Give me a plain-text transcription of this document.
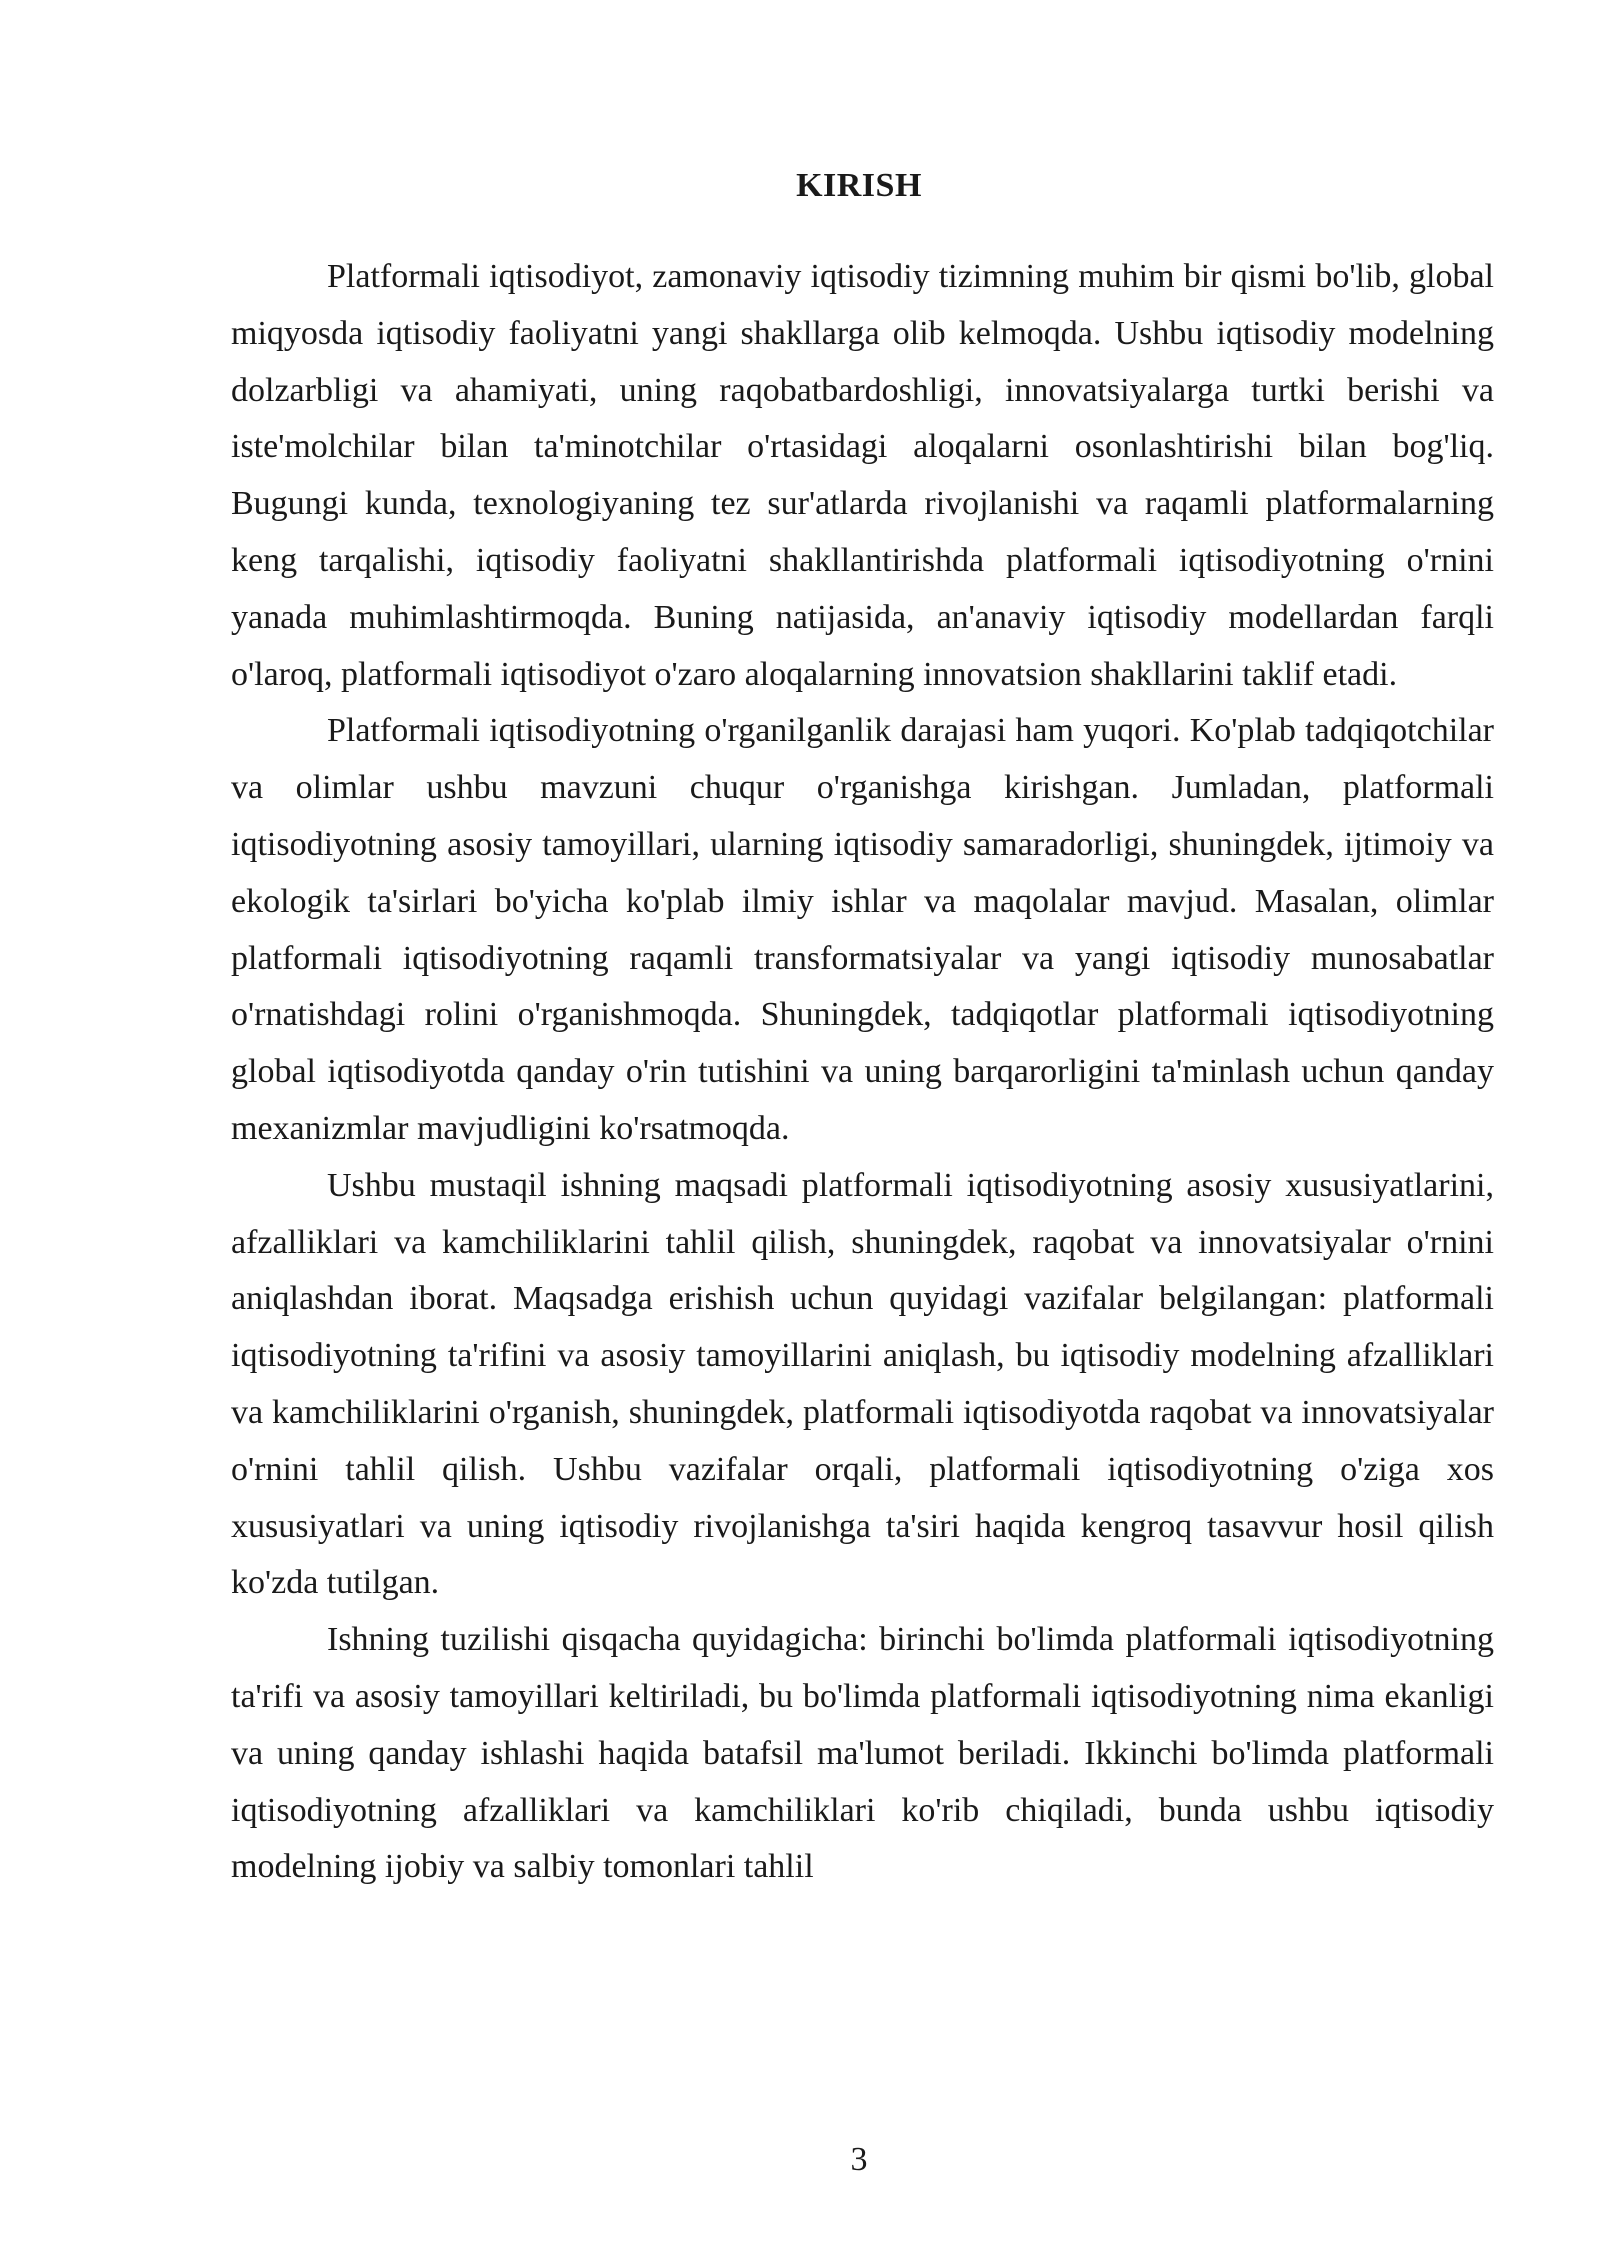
KIRISH

Platformali iqtisodiyot, zamonaviy iqtisodiy tizimning muhim bir qismi bo'lib, global miqyosda iqtisodiy faoliyatni yangi shakllarga olib kelmoqda. Ushbu iqtisodiy modelning dolzarbligi va ahamiyati, uning raqobatbardoshligi, innovatsiyalarga turtki berishi va iste'molchilar bilan ta'minotchilar o'rtasidagi aloqalarni osonlashtirishi bilan bog'liq. Bugungi kunda, texnologiyaning tez sur'atlarda rivojlanishi va raqamli platformalarning keng tarqalishi, iqtisodiy faoliyatni shakllantirishda platformali iqtisodiyotning o'rnini yanada muhimlashtirmoqda. Buning natijasida, an'anaviy iqtisodiy modellardan farqli o'laroq, platformali iqtisodiyot o'zaro aloqalarning innovatsion shakllarini taklif etadi.

Platformali iqtisodiyotning o'rganilganlik darajasi ham yuqori. Ko'plab tadqiqotchilar va olimlar ushbu mavzuni chuqur o'rganishga kirishgan. Jumladan, platformali iqtisodiyotning asosiy tamoyillari, ularning iqtisodiy samaradorligi, shuningdek, ijtimoiy va ekologik ta'sirlari bo'yicha ko'plab ilmiy ishlar va maqolalar mavjud. Masalan, olimlar platformali iqtisodiyotning raqamli transformatsiyalar va yangi iqtisodiy munosabatlar o'rnatishdagi rolini o'rganishmoqda. Shuningdek, tadqiqotlar platformali iqtisodiyotning global iqtisodiyotda qanday o'rin tutishini va uning barqarorligini ta'minlash uchun qanday mexanizmlar mavjudligini ko'rsatmoqda.

Ushbu mustaqil ishning maqsadi platformali iqtisodiyotning asosiy xususiyatlarini, afzalliklari va kamchiliklarini tahlil qilish, shuningdek, raqobat va innovatsiyalar o'rnini aniqlashdan iborat. Maqsadga erishish uchun quyidagi vazifalar belgilangan: platformali iqtisodiyotning ta'rifini va asosiy tamoyillarini aniqlash, bu iqtisodiy modelning afzalliklari va kamchiliklarini o'rganish, shuningdek, platformali iqtisodiyotda raqobat va innovatsiyalar o'rnini tahlil qilish. Ushbu vazifalar orqali, platformali iqtisodiyotning o'ziga xos xususiyatlari va uning iqtisodiy rivojlanishga ta'siri haqida kengroq tasavvur hosil qilish ko'zda tutilgan.

Ishning tuzilishi qisqacha quyidagicha: birinchi bo'limda platformali iqtisodiyotning ta'rifi va asosiy tamoyillari keltiriladi, bu bo'limda platformali iqtisodiyotning nima ekanligi va uning qanday ishlashi haqida batafsil ma'lumot beriladi. Ikkinchi bo'limda platformali iqtisodiyotning afzalliklari va kamchiliklari ko'rib chiqiladi, bunda ushbu iqtisodiy modelning ijobiy va salbiy tomonlari tahlil

3
